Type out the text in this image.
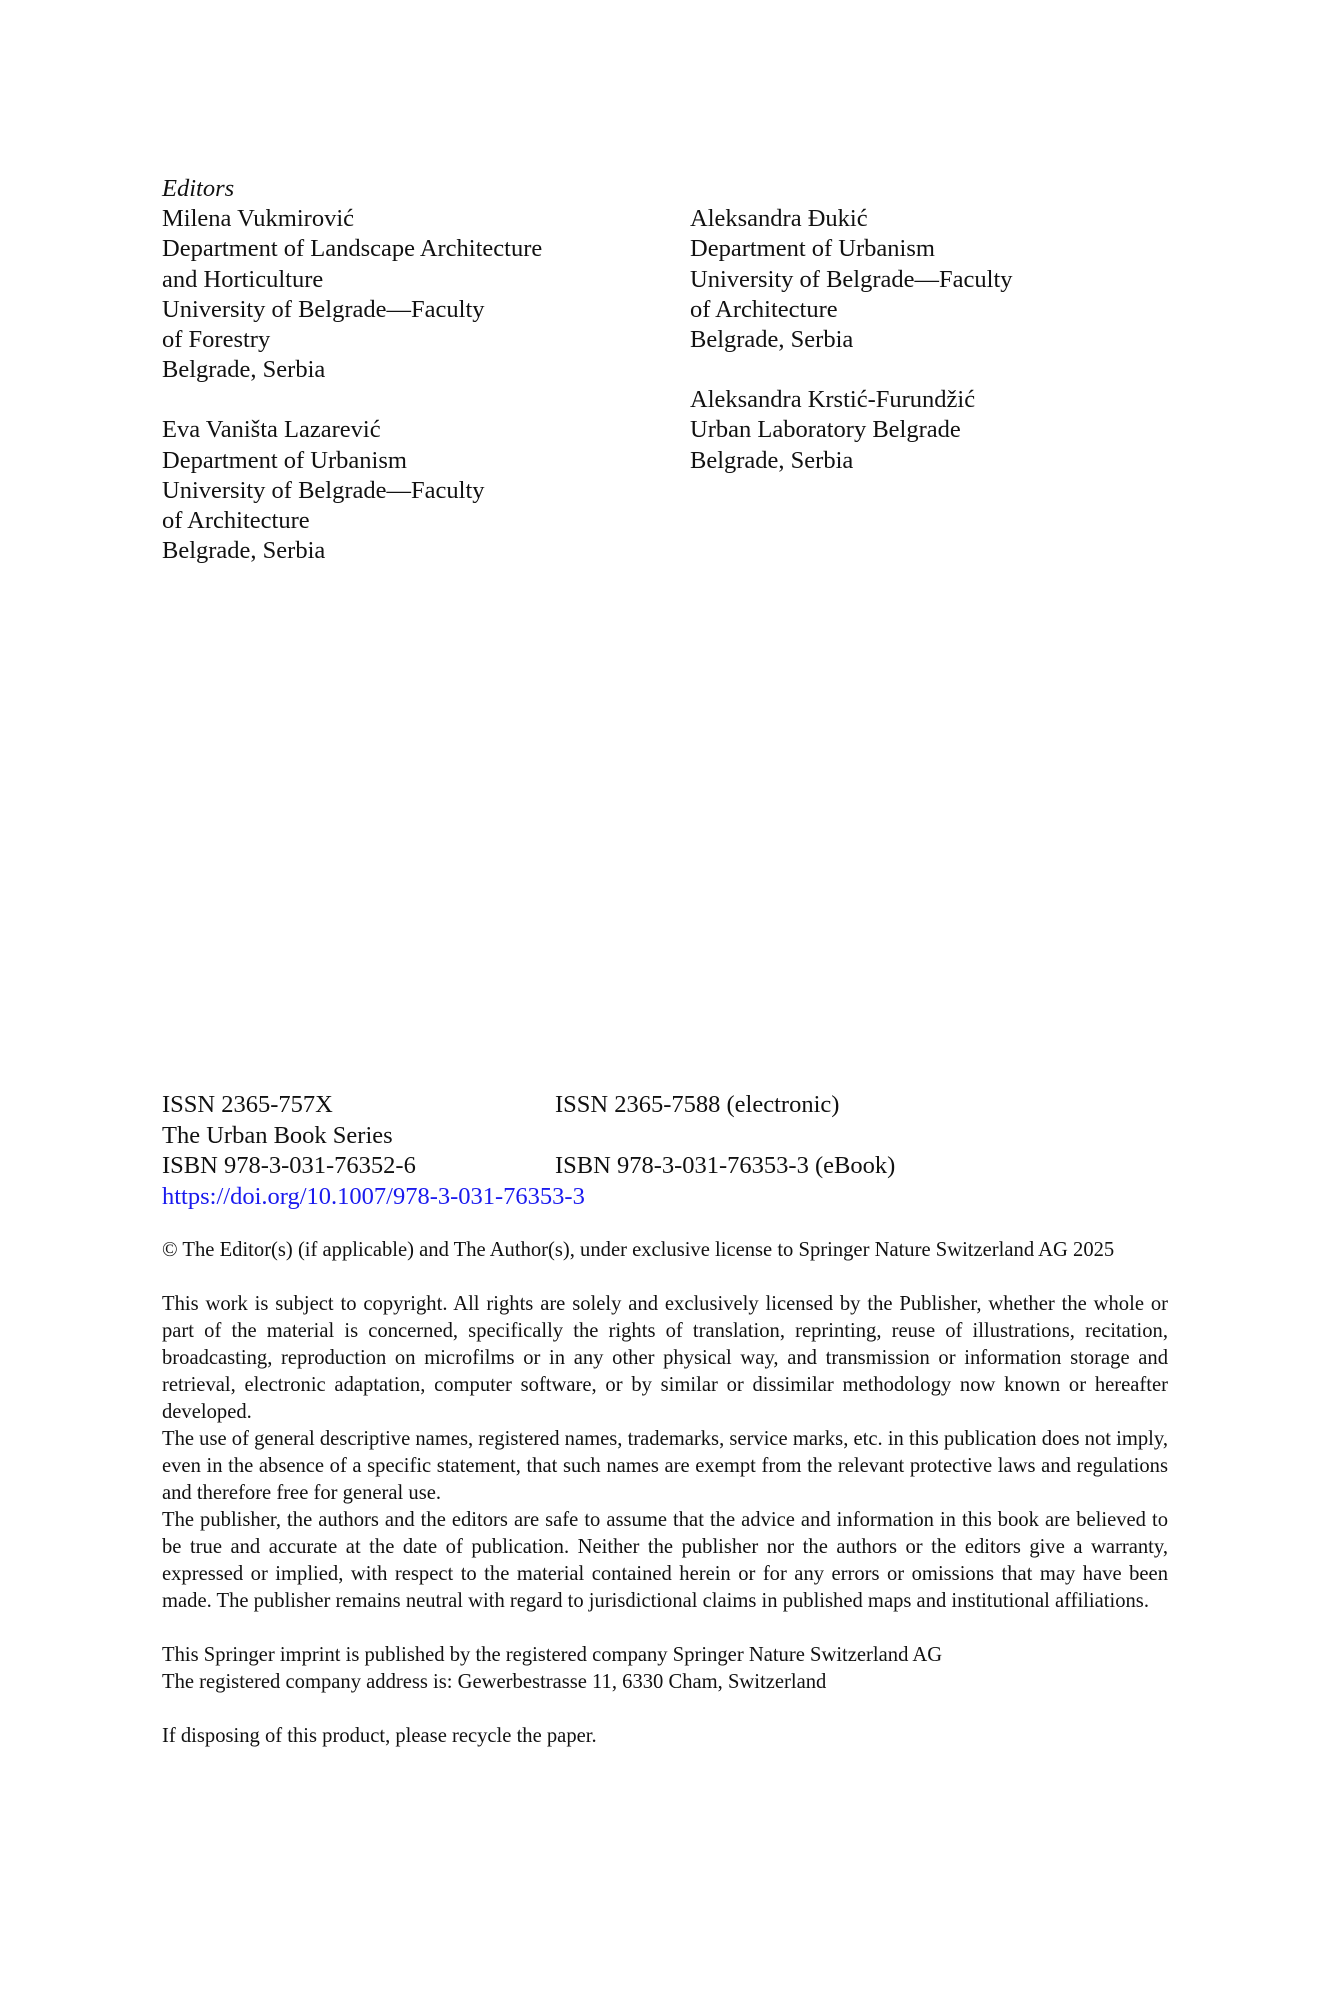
Editors
Milena Vukmirović
Department of Landscape Architecture
and Horticulture
University of Belgrade—Faculty
of Forestry
Belgrade, Serbia
Eva Vaništa Lazarević
Department of Urbanism
University of Belgrade—Faculty
of Architecture
Belgrade, Serbia
Aleksandra Đukić
Department of Urbanism
University of Belgrade—Faculty
of Architecture
Belgrade, Serbia
Aleksandra Krstić-Furundžić
Urban Laboratory Belgrade
Belgrade, Serbia
ISSN 2365-757X	ISSN 2365-7588 (electronic)
The Urban Book Series
ISBN 978-3-031-76352-6	ISBN 978-3-031-76353-3 (eBook)
https://doi.org/10.1007/978-3-031-76353-3

© The Editor(s) (if applicable) and The Author(s), under exclusive license to Springer Nature Switzerland AG 2025

This work is subject to copyright. All rights are solely and exclusively licensed by the Publisher, whether the whole or part of the material is concerned, specifically the rights of translation, reprinting, reuse of illustrations, recitation, broadcasting, reproduction on microfilms or in any other physical way, and transmission or information storage and retrieval, electronic adaptation, computer software, or by similar or dissimilar methodology now known or hereafter developed.

The use of general descriptive names, registered names, trademarks, service marks, etc. in this publication does not imply, even in the absence of a specific statement, that such names are exempt from the relevant protective laws and regulations and therefore free for general use.

The publisher, the authors and the editors are safe to assume that the advice and information in this book are believed to be true and accurate at the date of publication. Neither the publisher nor the authors or the editors give a warranty, expressed or implied, with respect to the material contained herein or for any errors or omissions that may have been made. The publisher remains neutral with regard to jurisdictional claims in published maps and institutional affiliations.

This Springer imprint is published by the registered company Springer Nature Switzerland AG

The registered company address is: Gewerbestrasse 11, 6330 Cham, Switzerland

If disposing of this product, please recycle the paper.
